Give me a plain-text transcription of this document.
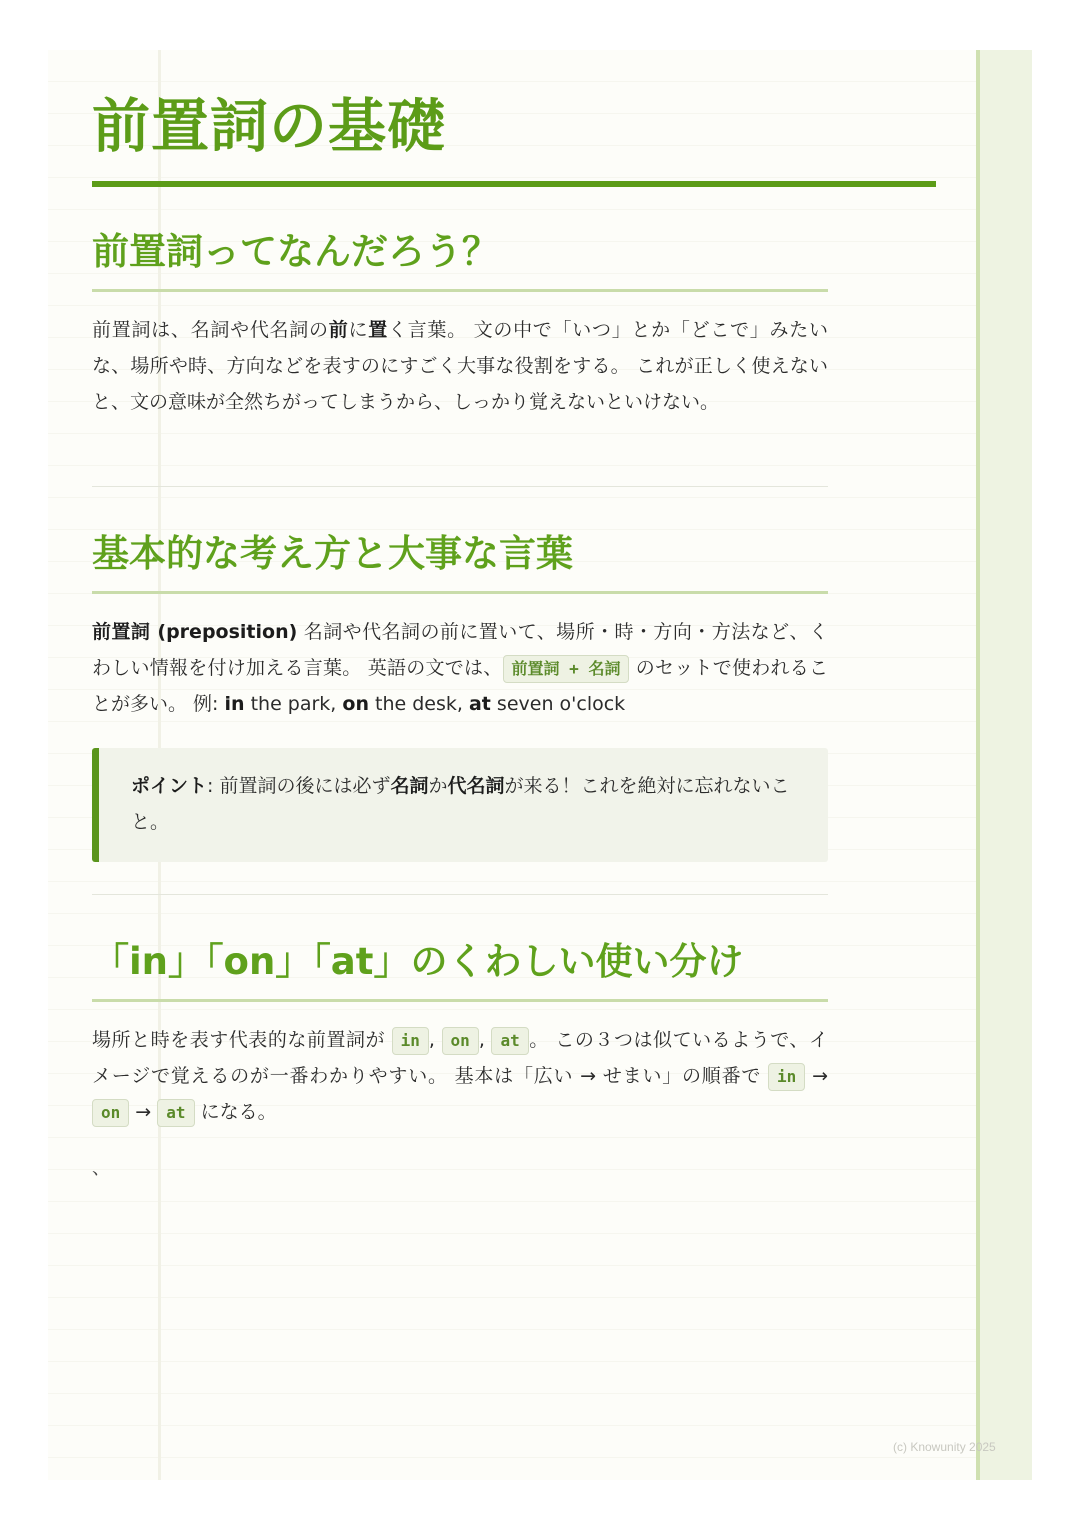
前置詞の基礎
前置詞ってなんだろう？

前置詞は、名詞や代名詞の前に置く言葉。 文の中で「いつ」とか「どこで」みたいな、場所や時、方向などを表すのにすごく大事な役割をする。 これが正しく使えないと、文の意味が全然ちがってしまうから、しっかり覚えないといけない。

基本的な考え方と大事な言葉

前置詞 (preposition) 名詞や代名詞の前に置いて、場所・時・方向・方法など、くわしい情報を付け加える言葉。 英語の文では、 前置詞 + 名詞 のセットで使われることが多い。 例: in the park, on the desk, at seven o'clock

ポイント: 前置詞の後には必ず名詞か代名詞が来る！これを絶対に忘れないこと。

「in」「on」「at」のくわしい使い分け

場所と時を表す代表的な前置詞が in , on , at 。 この３つは似ているようで、イメージで覚えるのが一番わかりやすい。 基本は「広い → せまい」の順番で in → on → at になる。

、
(c) Knowunity 2025
